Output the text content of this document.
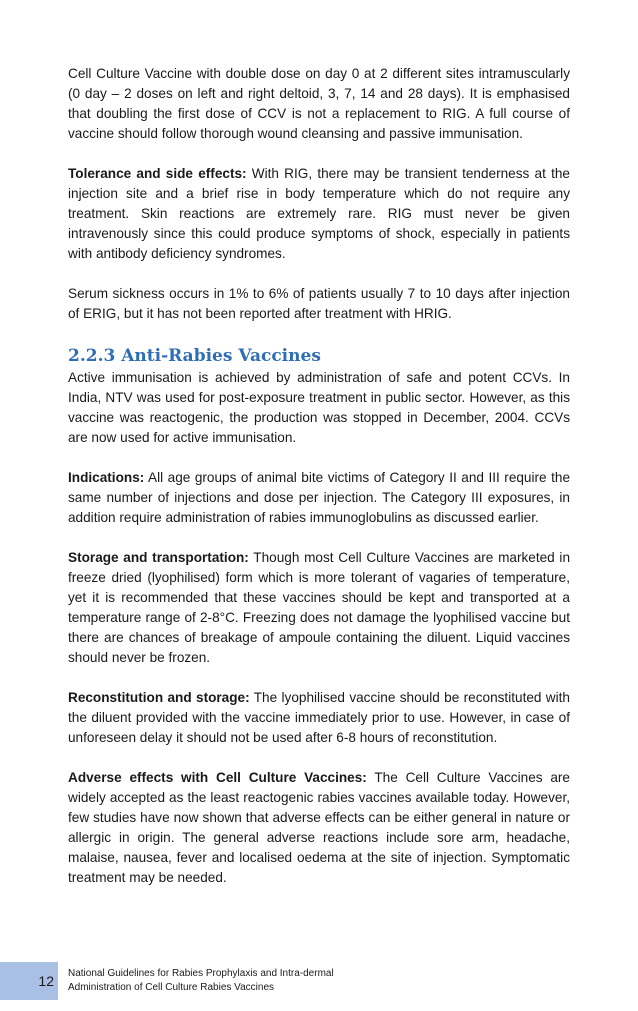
Cell Culture Vaccine with double dose on day 0 at 2 different sites intramuscularly (0 day – 2 doses on left and right deltoid, 3, 7, 14 and 28 days). It is emphasised that doubling the first dose of CCV is not a replacement to RIG. A full course of vaccine should follow thorough wound cleansing and passive immunisation.

Tolerance and side effects: With RIG, there may be transient tenderness at the injection site and a brief rise in body temperature which do not require any treatment. Skin reactions are extremely rare. RIG must never be given intravenously since this could produce symptoms of shock, especially in patients with antibody deficiency syndromes.

Serum sickness occurs in 1% to 6% of patients usually 7 to 10 days after injection of ERIG, but it has not been reported after treatment with HRIG.

2.2.3 Anti-Rabies Vaccines

Active immunisation is achieved by administration of safe and potent CCVs. In India, NTV was used for post-exposure treatment in public sector. However, as this vaccine was reactogenic, the production was stopped in December, 2004. CCVs are now used for active immunisation.

Indications: All age groups of animal bite victims of Category II and III require the same number of injections and dose per injection. The Category III exposures, in addition require administration of rabies immunoglobulins as discussed earlier.

Storage and transportation: Though most Cell Culture Vaccines are marketed in freeze dried (lyophilised) form which is more tolerant of vagaries of temperature, yet it is recommended that these vaccines should be kept and transported at a temperature range of 2-8°C. Freezing does not damage the lyophilised vaccine but there are chances of breakage of ampoule containing the diluent. Liquid vaccines should never be frozen.

Reconstitution and storage: The lyophilised vaccine should be reconstituted with the diluent provided with the vaccine immediately prior to use. However, in case of unforeseen delay it should not be used after 6-8 hours of reconstitution.

Adverse effects with Cell Culture Vaccines: The Cell Culture Vaccines are widely accepted as the least reactogenic rabies vaccines available today. However, few studies have now shown that adverse effects can be either general in nature or allergic in origin. The general adverse reactions include sore arm, headache, malaise, nausea, fever and localised oedema at the site of injection. Symptomatic treatment may be needed.

12 National Guidelines for Rabies Prophylaxis and Intra-dermal
Administration of Cell Culture Rabies Vaccines
